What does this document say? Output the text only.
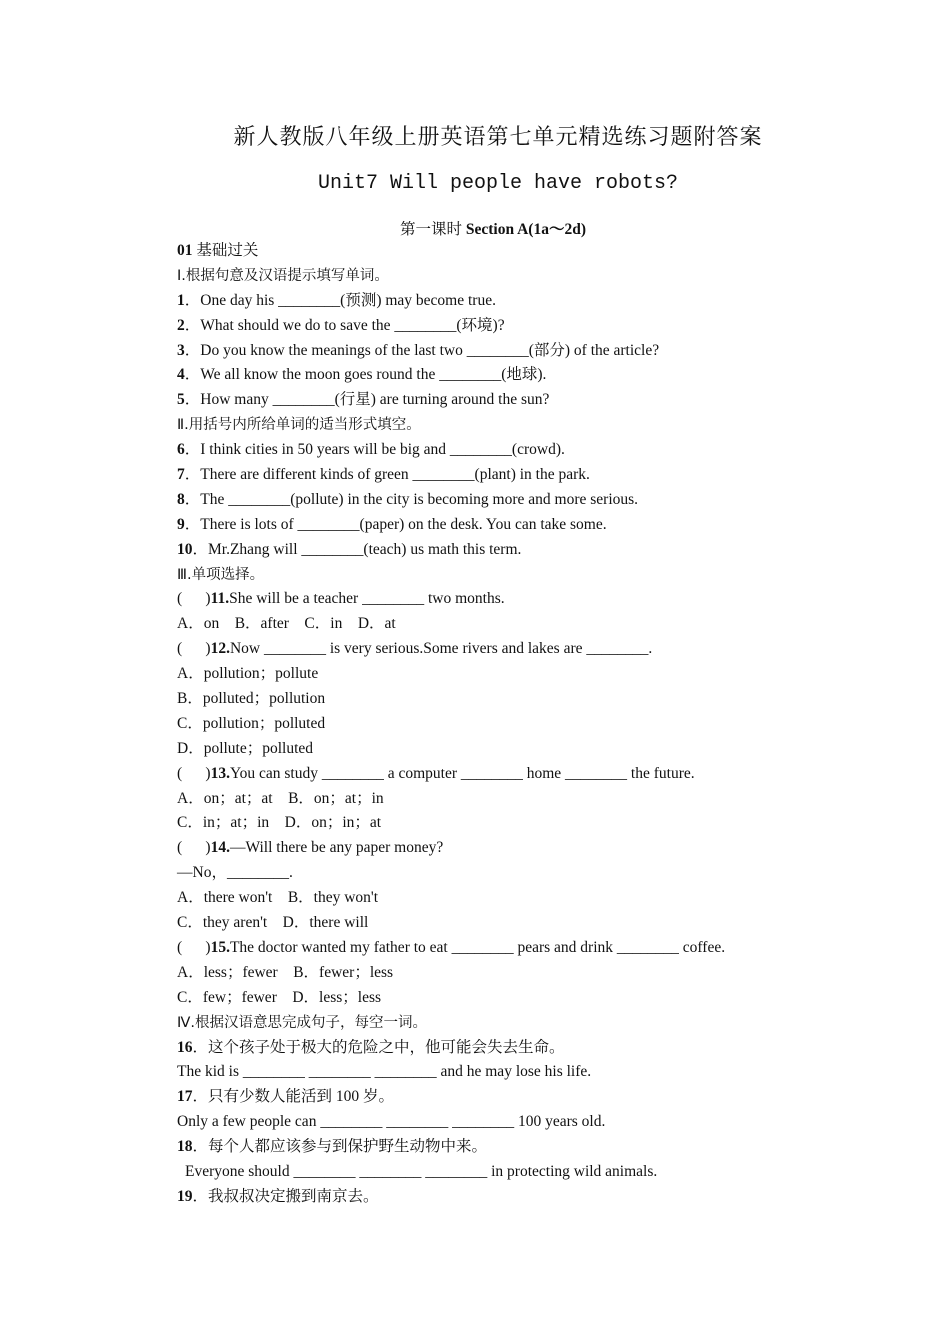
新人教版八年级上册英语第七单元精选练习题附答案
Unit7 Will people have robots?
第一课时 Section A(1a～2d)
01 基础过关
Ⅰ.根据句意及汉语提示填写单词。
1．One day his ________(预测) may become true.
2．What should we do to save the ________(环境)?
3．Do you know the meanings of the last two ________(部分) of the article?
4．We all know the moon goes round the ________(地球).
5．How many ________(行星) are turning around the sun?
Ⅱ.用括号内所给单词的适当形式填空。
6．I think cities in 50 years will be big and ________(crowd).
7．There are different kinds of green ________(plant) in the park.
8．The ________(pollute) in the city is becoming more and more serious.
9．There is lots of ________(paper) on the desk. You can take some.
10．Mr.Zhang will ________(teach) us math this term.
Ⅲ.单项选择。
(      )11.She will be a teacher ________ two months.
A．on    B．after    C．in    D．at
(      )12.Now ________ is very serious.Some rivers and lakes are ________.
A．pollution；pollute
B．polluted；pollution
C．pollution；polluted
D．pollute；polluted
(      )13.You can study ________ a computer ________ home ________ the future.
A．on；at；at    B．on；at；in
C．in；at；in    D．on；in；at
(      )14.—Will there be any paper money?
—No，________.
A．there won't    B．they won't
C．they aren't    D．there will
(      )15.The doctor wanted my father to eat ________ pears and drink ________ coffee.
A．less；fewer    B．fewer；less
C．few；fewer    D．less；less
Ⅳ.根据汉语意思完成句子，每空一词。
16．这个孩子处于极大的危险之中，他可能会失去生命。
The kid is ________ ________ ________ and he may lose his life.
17．只有少数人能活到 100 岁。
Only a few people can ________ ________ ________ 100 years old.
18．每个人都应该参与到保护野生动物中来。
Everyone should ________ ________ ________ in protecting wild animals.
19．我叔叔决定搬到南京去。
